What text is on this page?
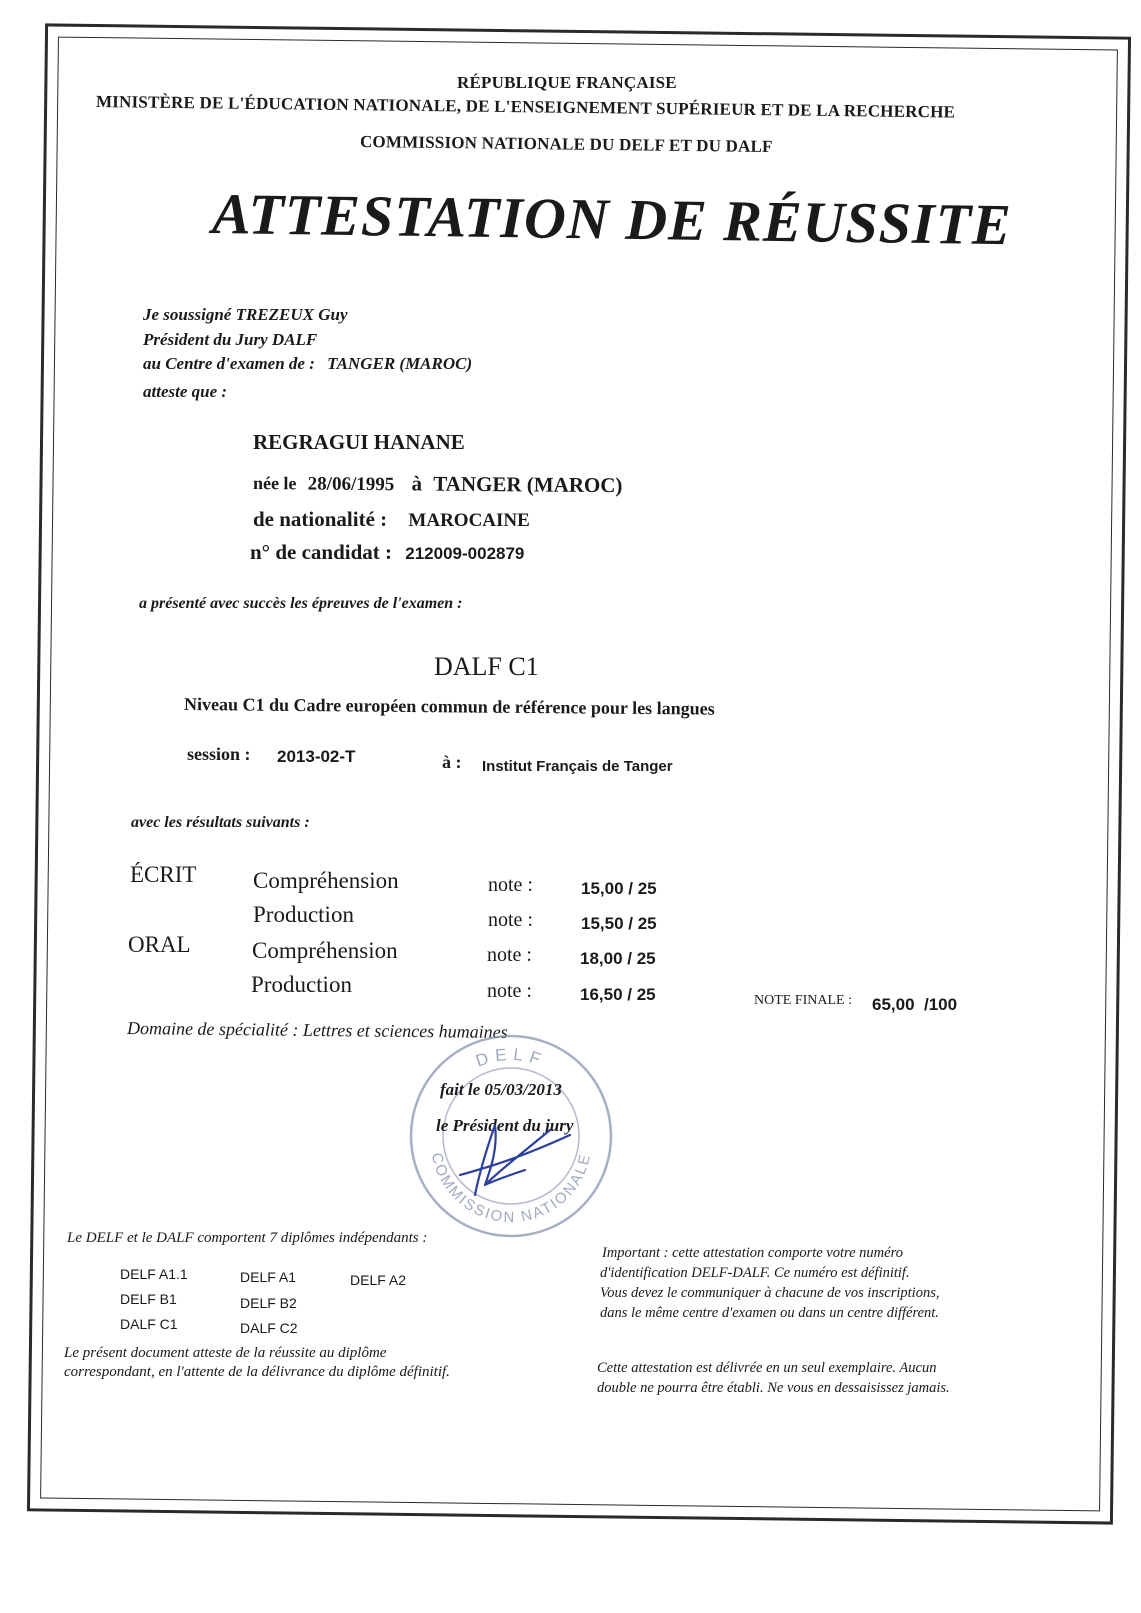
RÉPUBLIQUE FRANÇAISE
MINISTÈRE DE L'ÉDUCATION NATIONALE, DE L'ENSEIGNEMENT SUPÉRIEUR ET DE LA RECHERCHE
COMMISSION NATIONALE DU DELF ET DU DALF
ATTESTATION DE RÉUSSITE
Je soussigné TREZEUX Guy
Président du Jury DALF
au Centre d'examen de : TANGER (MAROC)
atteste que :
REGRAGUI HANANE
née le 28/06/1995 à TANGER (MAROC)
de nationalité : MAROCAINE
n° de candidat : 212009-002879
a présenté avec succès les épreuves de l'examen :
DALF C1
Niveau C1 du Cadre européen commun de référence pour les langues
session : 2013-02-T	à : Institut Français de Tanger
avec les résultats suivants :
ÉCRIT Compréhension	note :	15,00 / 25
Production	note :	15,50 / 25
ORAL	Compréhension	note :	18,00 / 25
Production	note :	16,50 / 25	NOTE FINALE : 65,00 /100
Domaine de spécialité : Lettres et sciences humaines
DELF
COMMISSION NATIONALE
fait le 05/03/2013
le Président du jury
Le DELF et le DALF comportent 7 diplômes indépendants :
DELF A1.1	DELF A1	DELF A2
DELF B1	DELF B2
DALF C1	DALF C2
Le présent document atteste de la réussite au diplôme
correspondant, en l'attente de la délivrance du diplôme définitif.
Important : cette attestation comporte votre numéro
d'identification DELF-DALF. Ce numéro est définitif.
Vous devez le communiquer à chacune de vos inscriptions,
dans le même centre d'examen ou dans un centre différent.
Cette attestation est délivrée en un seul exemplaire. Aucun
double ne pourra être établi. Ne vous en dessaisissez jamais.
